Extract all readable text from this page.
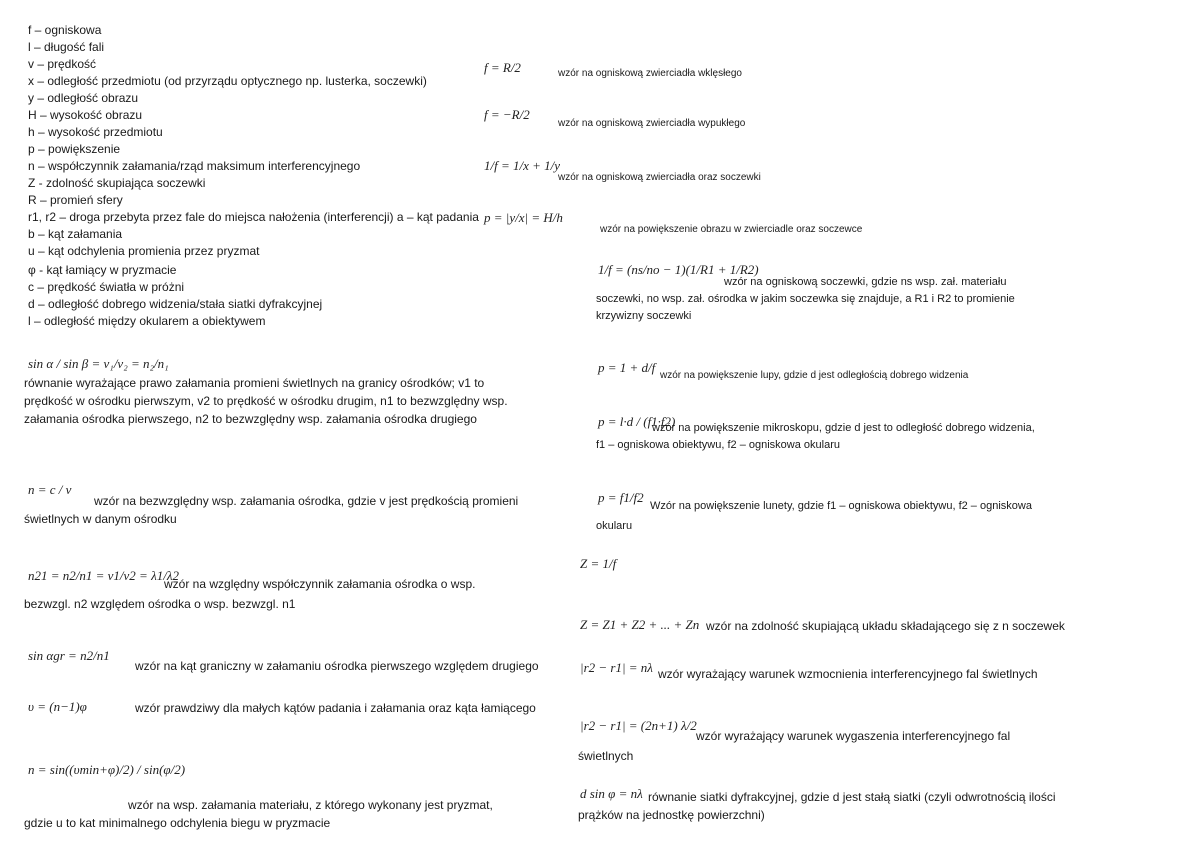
f – ogniskowa
l – długość fali
v – prędkość
x – odległość przedmiotu (od przyrządu optycznego np. lusterka, soczewki)
y – odległość obrazu
H – wysokość obrazu
h – wysokość przedmiotu
p – powiększenie
n – współczynnik załamania/rząd maksimum interferencyjnego
Z - zdolność skupiająca soczewki
R – promień sfery
r1, r2 – droga przebyta przez fale do miejsca nałożenia (interferencji) a – kąt padania
b – kąt załamania
u – kąt odchylenia promienia przez pryzmat
φ - kąt łamiący w pryzmacie
c – prędkość światła w próżni
d – odległość dobrego widzenia/stała siatki dyfrakcyjnej
l – odległość między okularem a obiektywem
sin α / sin β = v₁/v₂ = n₂/n₁
równanie wyrażające prawo załamania promieni świetlnych na granicy ośrodków; v1 to prędkość w ośrodku pierwszym, v2 to prędkość w ośrodku drugim, n1 to bezwzględny wsp. załamania ośrodka pierwszego, n2 to bezwzględny wsp. załamania ośrodka drugiego
n = c / v
wzór na bezwzględny wsp. załamania ośrodka, gdzie v jest prędkością promieni świetlnych w danym ośrodku
n21 = n2/n1 = v1/v2 = λ1/λ2
wzór na względny współczynnik załamania ośrodka o wsp. bezwzgl. n2 względem ośrodka o wsp. bezwzgl. n1
sin αgr = n2/n1
wzór na kąt graniczny w załamaniu ośrodka pierwszego względem drugiego
υ = (n−1)φ	wzór prawdziwy dla małych kątów padania i załamania oraz kąta łamiącego
n = sin((υmin+φ)/2) / sin(φ/2)
wzór na wsp. załamania materiału, z którego wykonany jest pryzmat, gdzie u to kat minimalnego odchylenia biegu w pryzmacie
f = R/2	wzór na ogniskową zwierciadła wklęsłego
f = −R/2
wzór na ogniskową zwierciadła wypukłego
1/f = 1/x + 1/y
wzór na ogniskową zwierciadła oraz soczewki
p = |y/x| = H/h
wzór na powiększenie obrazu w zwierciadle oraz soczewce
1/f = (ns/no − 1)(1/R1 + 1/R2)
wzór na ogniskową soczewki, gdzie ns wsp. zał. materiału soczewki, no wsp. zał. ośrodka w jakim soczewka się znajduje, a R1 i R2 to promienie krzywizny soczewki
p = 1 + d/f
wzór na powiększenie lupy, gdzie d jest odległością dobrego widzenia
p = l·d / (f1·f2)
wzór na powiększenie mikroskopu, gdzie d jest to odległość dobrego widzenia, f1 – ogniskowa obiektywu, f2 – ogniskowa okularu
p = f1/f2
Wzór na powiększenie lunety, gdzie f1 – ogniskowa obiektywu, f2 – ogniskowa okularu
Z = 1/f
Z = Z1 + Z2 + ... + Zn wzór na zdolność skupiającą układu składającego się z n soczewek
|r2 − r1| = nλ wzór wyrażający warunek wzmocnienia interferencyjnego fal świetlnych
|r2 − r1| = (2n+1) λ/2
wzór wyrażający warunek wygaszenia interferencyjnego fal świetlnych
d sin φ = nλ równanie siatki dyfrakcyjnej, gdzie d jest stałą siatki (czyli odwrotnością ilości prążków na jednostkę powierzchni)
